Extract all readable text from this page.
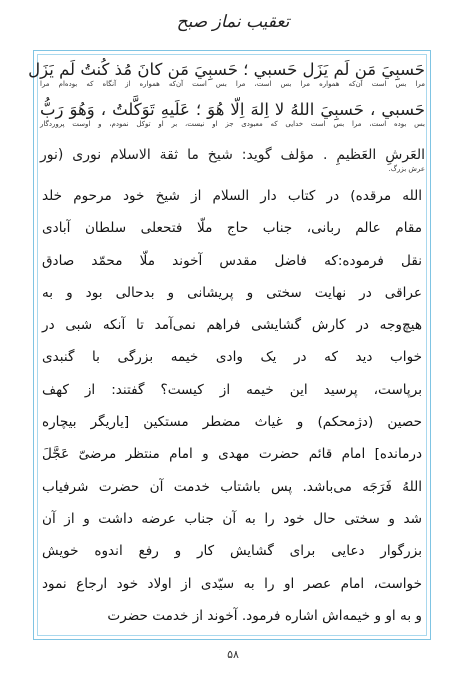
تعقیب نماز صبح
حَسبِيَ مَن لَم يَزَل حَسبي ؛ حَسبِيَ مَن كانَ مُذ كُنتُ لَم يَزَل
مرا بس است آن‌که همواره مرا بس است، مرا بس است آن‌که همواره از آنگاه که بوده‌ام مرا
حَسبي ، حَسبِيَ اللهُ لا اِلهَ اِلّا هُوَ ؛ عَلَيهِ تَوَكَّلتُ ، وَهُوَ رَبُّ
بس بوده است، مرا بس است خدایی که معبودی جز او نیست، بر او توکل نمودم، و اوست پروردگار
العَرشِ العَظيمِ . مؤلف گويد: شيخ ما ثقة الاسلام نوری (نور
عرش بزرگ.
الله مرقده) در كتاب دار السلام از شيخ خود مرحوم خلد
مقام عالم ربانی، جناب حاج ملّا فتحعلی سلطان آبادی
نقل فرموده:که فاضل مقدس آخوند ملّا محمّد صادق
عراقی در نهايت سختی و پريشانی و بدحالی بود و به
هيچ‌وجه در كارش گشايشی فراهم نمی‌آمد تا آنكه شبی در
خواب ديد كه در يک وادی خيمه بزرگی با گنبدی
برپاست، پرسيد اين خيمه از كيست؟ گفتند: از كهف
حصين (دژمحكم) و غياث مضطر مستكين [ياريگر بيچاره
درمانده] امام قائم حضرت مهدی و امام منتظر مرضیّ عَجَّلَ
اللهُ فَرَجَه می‌باشد. پس باشتاب خدمت آن حضرت شرفياب
شد و سختی حال خود را به آن جناب عرضه داشت و از آن
بزرگوار دعايی برای گشايش كار و رفع اندوه خويش
خواست، امام عصر او را به سيّدی از اولاد خود ارجاع نمود
و به او و خيمه‌اش اشاره فرمود. آخوند از خدمت حضرت
۵۸
